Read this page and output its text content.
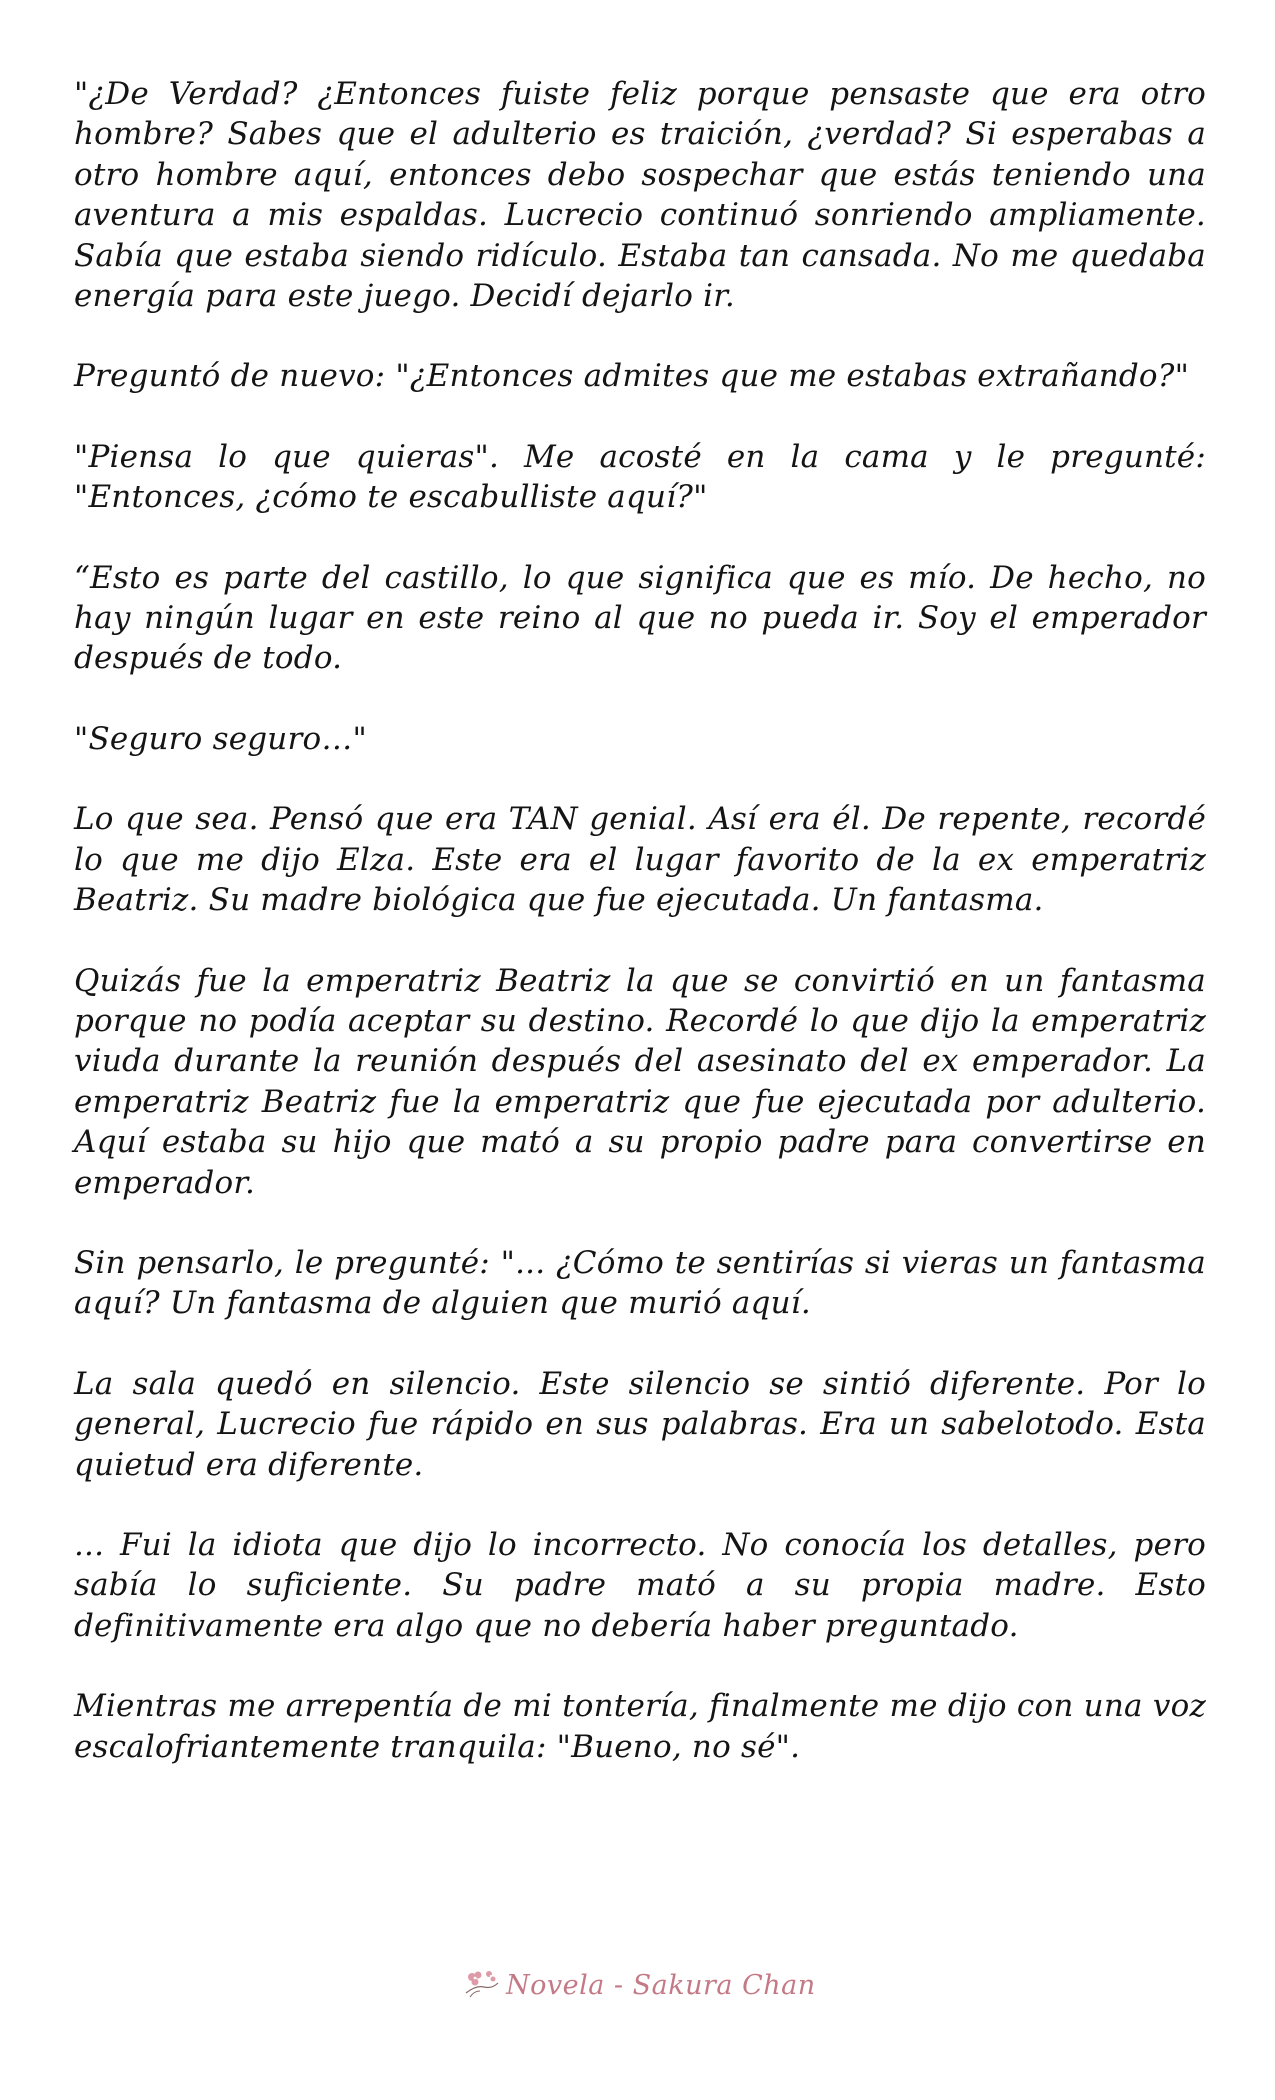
"¿De Verdad? ¿Entonces fuiste feliz porque pensaste que era otro hombre? Sabes que el adulterio es traición, ¿verdad? Si esperabas a otro hombre aquí, entonces debo sospechar que estás teniendo una aventura a mis espaldas. Lucrecio continuó sonriendo ampliamente. Sabía que estaba siendo ridículo. Estaba tan cansada. No me quedaba energía para este juego. Decidí dejarlo ir.

Preguntó de nuevo: "¿Entonces admites que me estabas extrañando?"

"Piensa lo que quieras". Me acosté en la cama y le pregunté: "Entonces, ¿cómo te escabulliste aquí?"

“Esto es parte del castillo, lo que significa que es mío. De hecho, no hay ningún lugar en este reino al que no pueda ir. Soy el emperador después de todo.

"Seguro seguro…"

Lo que sea. Pensó que era TAN genial. Así era él. De repente, recordé lo que me dijo Elza. Este era el lugar favorito de la ex emperatriz Beatriz. Su madre biológica que fue ejecutada. Un fantasma.

Quizás fue la emperatriz Beatriz la que se convirtió en un fantasma porque no podía aceptar su destino. Recordé lo que dijo la emperatriz viuda durante la reunión después del asesinato del ex emperador. La emperatriz Beatriz fue la emperatriz que fue ejecutada por adulterio. Aquí estaba su hijo que mató a su propio padre para convertirse en emperador.

Sin pensarlo, le pregunté: "... ¿Cómo te sentirías si vieras un fantasma aquí? Un fantasma de alguien que murió aquí.

La sala quedó en silencio. Este silencio se sintió diferente. Por lo general, Lucrecio fue rápido en sus palabras. Era un sabelotodo. Esta quietud era diferente.

... Fui la idiota que dijo lo incorrecto. No conocía los detalles, pero sabía lo suficiente. Su padre mató a su propia madre. Esto definitivamente era algo que no debería haber preguntado.

Mientras me arrepentía de mi tontería, finalmente me dijo con una voz escalofriantemente tranquila: "Bueno, no sé".

Novela - Sakura Chan
